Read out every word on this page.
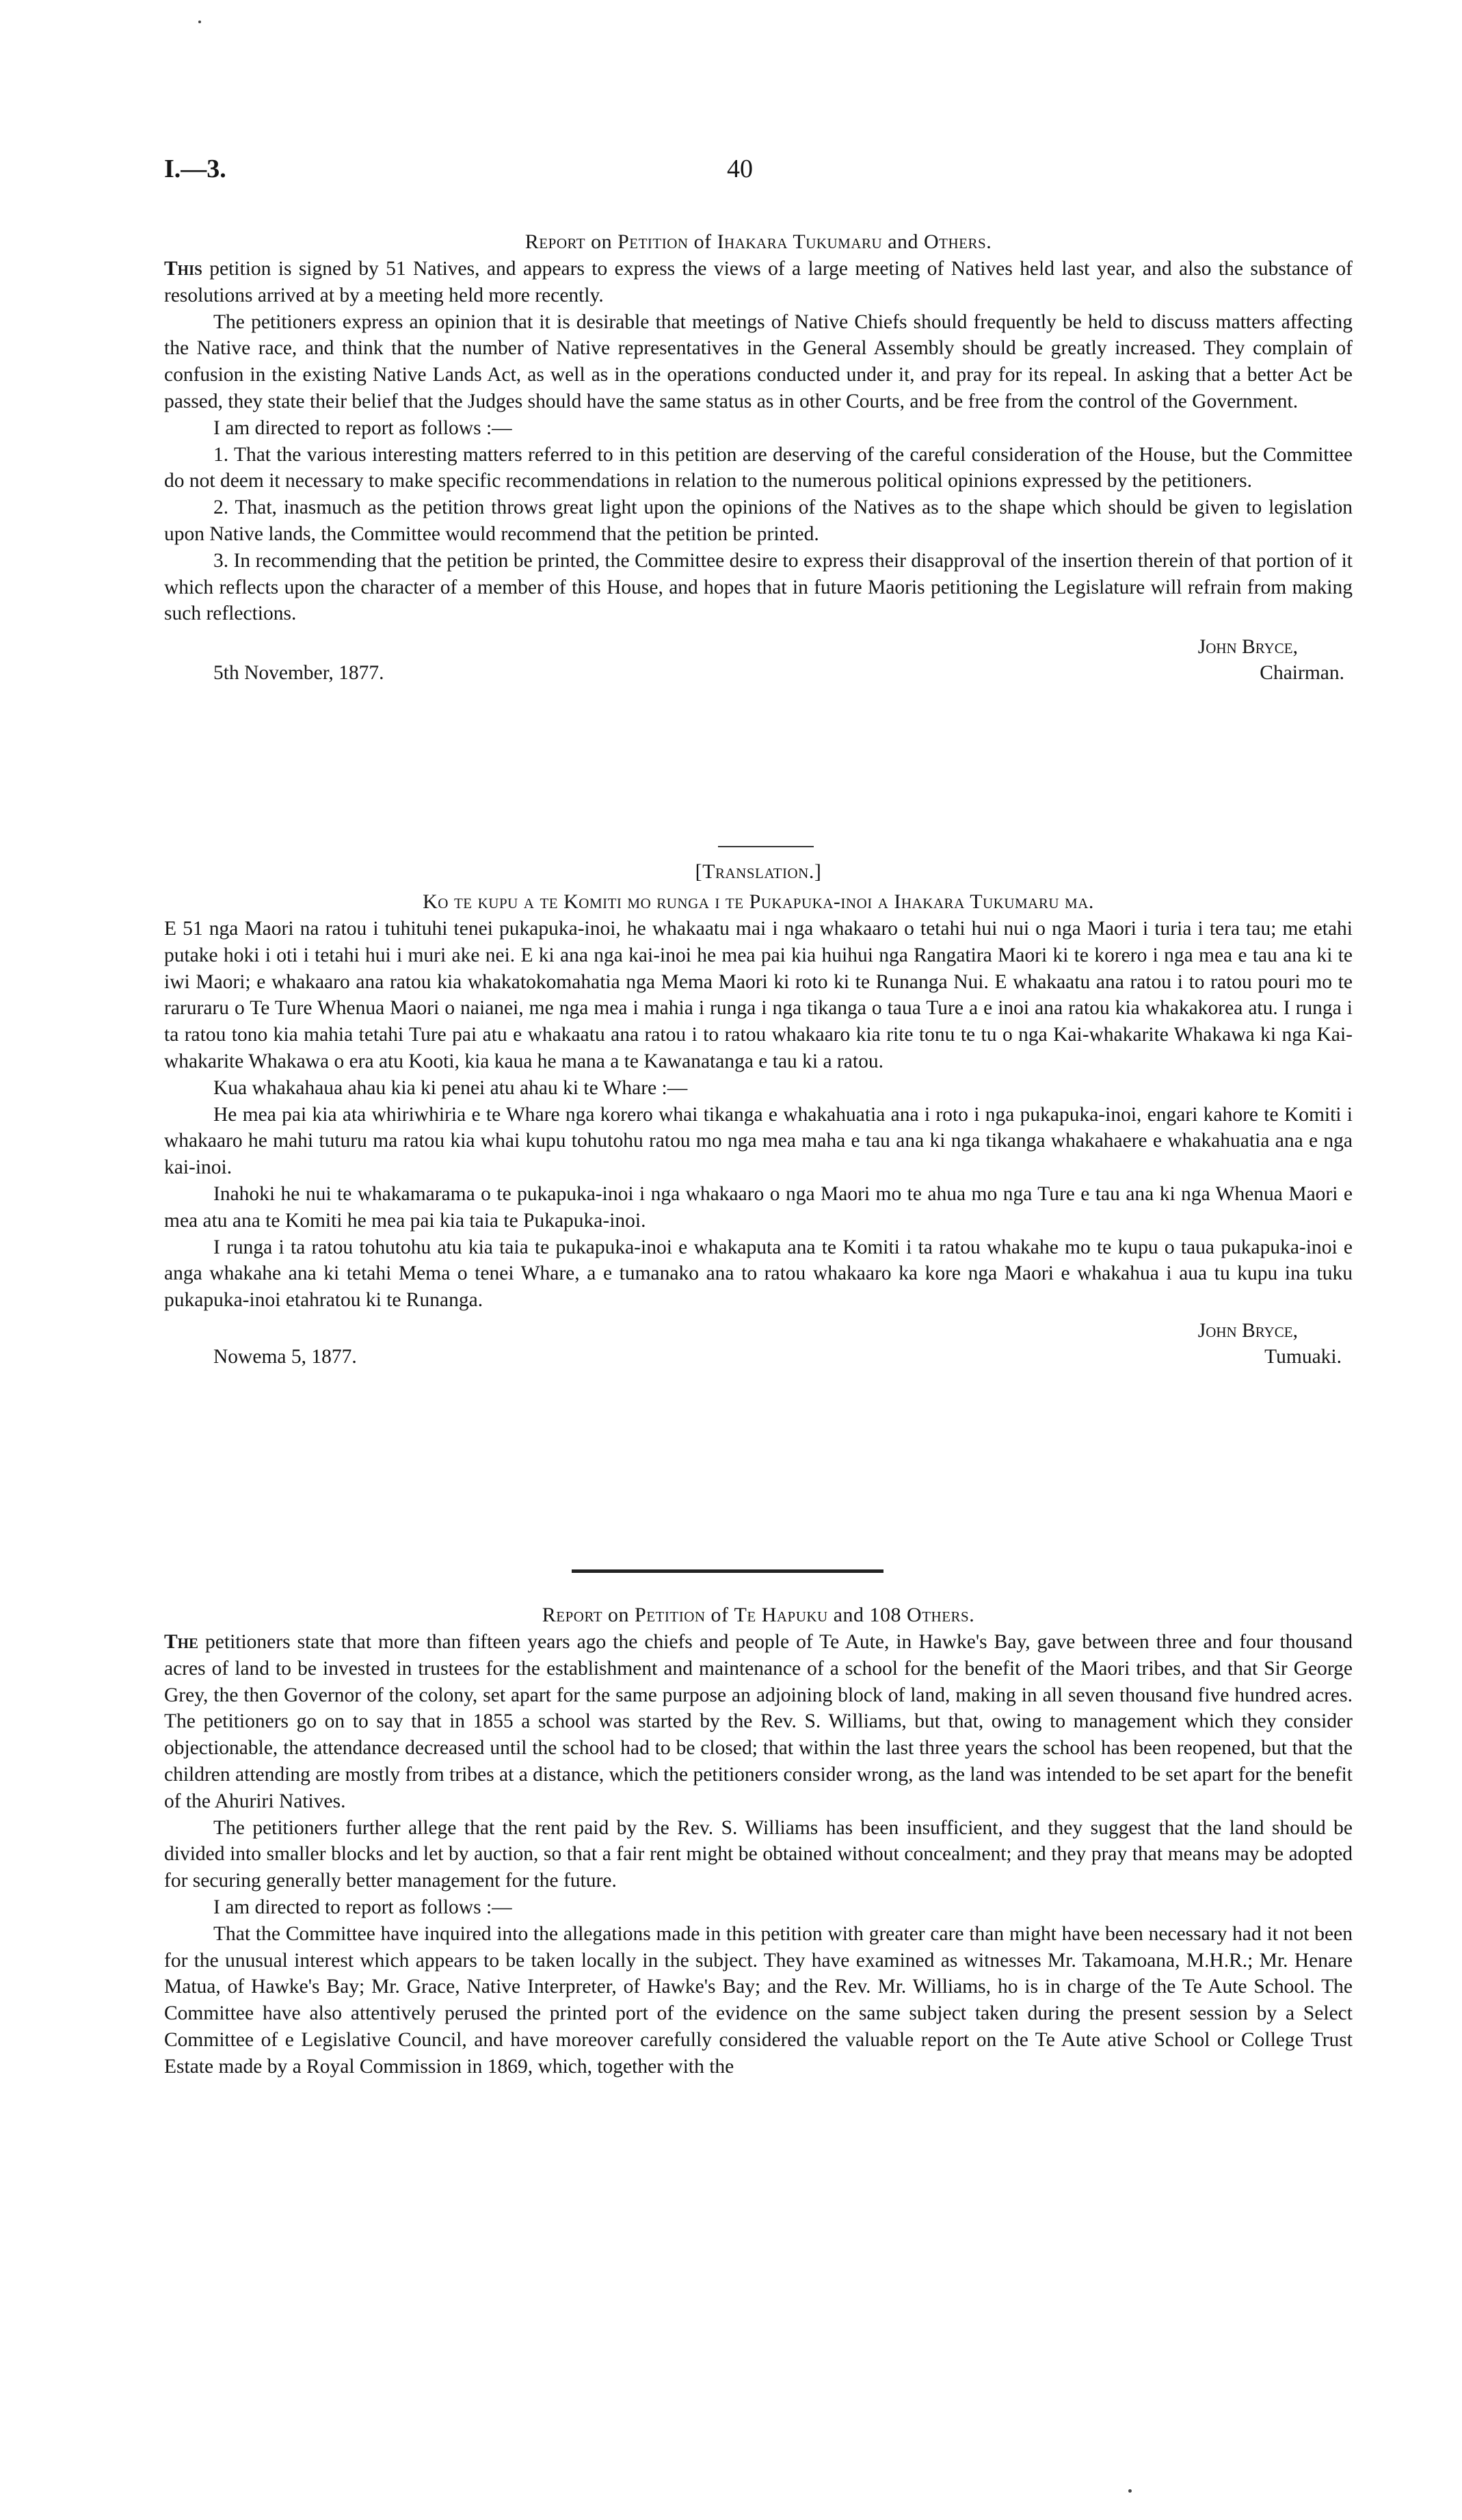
I.—3.	40

Report on Petition of Ihakara Tukumaru and Others.

This petition is signed by 51 Natives, and appears to express the views of a large meeting of Natives held last year, and also the substance of resolutions arrived at by a meeting held more recently.

The petitioners express an opinion that it is desirable that meetings of Native Chiefs should frequently be held to discuss matters affecting the Native race, and think that the number of Native representatives in the General Assembly should be greatly increased. They complain of confusion in the existing Native Lands Act, as well as in the operations conducted under it, and pray for its repeal. In asking that a better Act be passed, they state their belief that the Judges should have the same status as in other Courts, and be free from the control of the Government.

I am directed to report as follows :—

1. That the various interesting matters referred to in this petition are deserving of the careful consideration of the House, but the Committee do not deem it necessary to make specific recommendations in relation to the numerous political opinions expressed by the petitioners.

2. That, inasmuch as the petition throws great light upon the opinions of the Natives as to the shape which should be given to legislation upon Native lands, the Committee would recommend that the petition be printed.

3. In recommending that the petition be printed, the Committee desire to express their disapproval of the insertion therein of that portion of it which reflects upon the character of a member of this House, and hopes that in future Maoris petitioning the Legislature will refrain from making such reflections.

John Bryce,
5th November, 1877.	Chairman.

[Translation.]

Ko te kupu a te Komiti mo runga i te Pukapuka-inoi a Ihakara Tukumaru ma.

E 51 nga Maori na ratou i tuhituhi tenei pukapuka-inoi, he whakaatu mai i nga whakaaro o tetahi hui nui o nga Maori i turia i tera tau; me etahi putake hoki i oti i tetahi hui i muri ake nei. E ki ana nga kai-inoi he mea pai kia huihui nga Rangatira Maori ki te korero i nga mea e tau ana ki te iwi Maori; e whakaaro ana ratou kia whakatokomahatia nga Mema Maori ki roto ki te Runanga Nui. E whakaatu ana ratou i to ratou pouri mo te raruraru o Te Ture Whenua Maori o naianei, me nga mea i mahia i runga i nga tikanga o taua Ture a e inoi ana ratou kia whakakorea atu. I runga i ta ratou tono kia mahia tetahi Ture pai atu e whakaatu ana ratou i to ratou whakaaro kia rite tonu te tu o nga Kai-whakarite Whakawa ki nga Kai-whakarite Whakawa o era atu Kooti, kia kaua he mana a te Kawanatanga e tau ki a ratou.

Kua whakahaua ahau kia ki penei atu ahau ki te Whare :—

He mea pai kia ata whiriwhiria e te Whare nga korero whai tikanga e whakahuatia ana i roto i nga pukapuka-inoi, engari kahore te Komiti i whakaaro he mahi tuturu ma ratou kia whai kupu tohutohu ratou mo nga mea maha e tau ana ki nga tikanga whakahaere e whakahuatia ana e nga kai-inoi.

Inahoki he nui te whakamarama o te pukapuka-inoi i nga whakaaro o nga Maori mo te ahua mo nga Ture e tau ana ki nga Whenua Maori e mea atu ana te Komiti he mea pai kia taia te Pukapuka-inoi.

I runga i ta ratou tohutohu atu kia taia te pukapuka-inoi e whakaputa ana te Komiti i ta ratou whakahe mo te kupu o taua pukapuka-inoi e anga whakahe ana ki tetahi Mema o tenei Whare, a e tumanako ana to ratou whakaaro ka kore nga Maori e whakahua i aua tu kupu ina tuku pukapuka-inoi etahratou ki te Runanga.

John Bryce,
Nowema 5, 1877.	Tumuaki.

Report on Petition of Te Hapuku and 108 Others.

The petitioners state that more than fifteen years ago the chiefs and people of Te Aute, in Hawke's Bay, gave between three and four thousand acres of land to be invested in trustees for the establishment and maintenance of a school for the benefit of the Maori tribes, and that Sir George Grey, the then Governor of the colony, set apart for the same purpose an adjoining block of land, making in all seven thousand five hundred acres. The petitioners go on to say that in 1855 a school was started by the Rev. S. Williams, but that, owing to management which they consider objectionable, the attendance decreased until the school had to be closed; that within the last three years the school has been reopened, but that the children attending are mostly from tribes at a distance, which the petitioners consider wrong, as the land was intended to be set apart for the benefit of the Ahuriri Natives.

The petitioners further allege that the rent paid by the Rev. S. Williams has been insufficient, and they suggest that the land should be divided into smaller blocks and let by auction, so that a fair rent might be obtained without concealment; and they pray that means may be adopted for securing generally better management for the future.

I am directed to report as follows :—

That the Committee have inquired into the allegations made in this petition with greater care than might have been necessary had it not been for the unusual interest which appears to be taken locally in the subject. They have examined as witnesses Mr. Takamoana, M.H.R.; Mr. Henare Matua, of Hawke's Bay; Mr. Grace, Native Interpreter, of Hawke's Bay; and the Rev. Mr. Williams, ho is in charge of the Te Aute School. The Committee have also attentively perused the printed port of the evidence on the same subject taken during the present session by a Select Committee of e Legislative Council, and have moreover carefully considered the valuable report on the Te Aute ative School or College Trust Estate made by a Royal Commission in 1869, which, together with the
